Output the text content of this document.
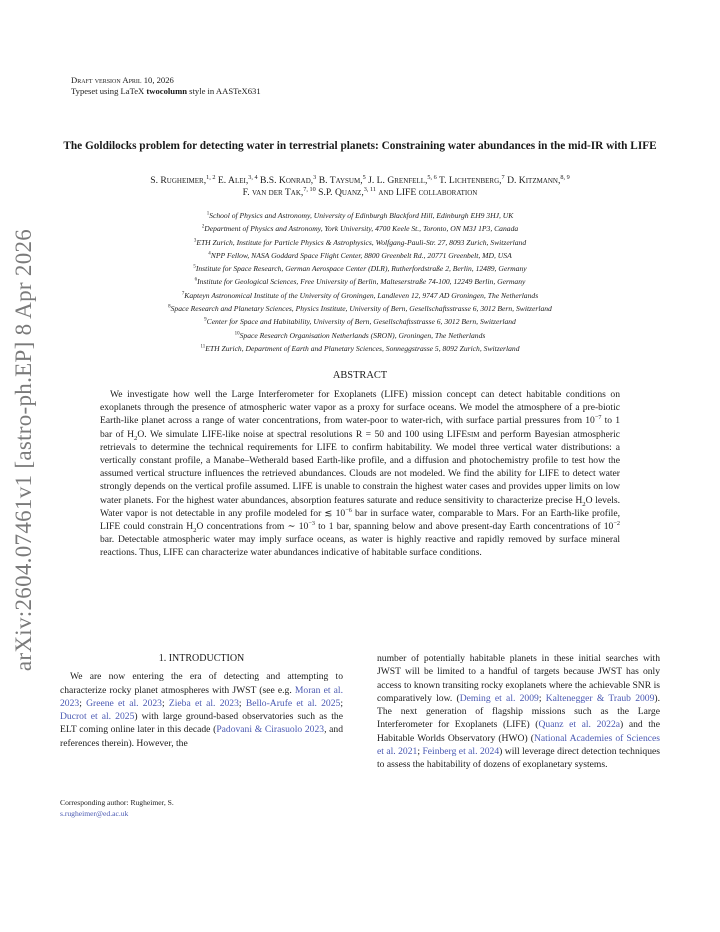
arXiv:2604.07461v1 [astro-ph.EP] 8 Apr 2026
Draft version April 10, 2026
Typeset using LaTeX twocolumn style in AASTeX631
The Goldilocks problem for detecting water in terrestrial planets: Constraining water abundances in the mid-IR with LIFE
S. Rugheimer,$^{1, 2}$ E. Alei,$^{3, 4}$ B.S. Konrad,$^3$ B. Taysum,$^5$ J. L. Grenfell,$^{5, 6}$ T. Lichtenberg,$^7$ D. Kitzmann,$^{8, 9}$
F. van der Tak,$^{7, 10}$ S.P. Quanz,$^{3, 11}$ and LIFE collaboration
$^1$School of Physics and Astronomy, University of Edinburgh Blackford Hill, Edinburgh EH9 3HJ, UK
$^2$Department of Physics and Astronomy, York University, 4700 Keele St., Toronto, ON M3J 1P3, Canada
$^3$ETH Zurich, Institute for Particle Physics & Astrophysics, Wolfgang-Pauli-Str. 27, 8093 Zurich, Switzerland
$^4$NPP Fellow, NASA Goddard Space Flight Center, 8800 Greenbelt Rd., 20771 Greenbelt, MD, USA
$^5$Institute for Space Research, German Aerospace Center (DLR), Rutherfordstraße 2, Berlin, 12489, Germany
$^6$Institute for Geological Sciences, Free University of Berlin, Malteserstraße 74-100, 12249 Berlin, Germany
$^7$Kapteyn Astronomical Institute of the University of Groningen, Landleven 12, 9747 AD Groningen, The Netherlands
$^8$Space Research and Planetary Sciences, Physics Institute, University of Bern, Gesellschaftsstrasse 6, 3012 Bern, Switzerland
$^9$Center for Space and Habitability, University of Bern, Gesellschaftsstrasse 6, 3012 Bern, Switzerland
$^{10}$Space Research Organisation Netherlands (SRON), Groningen, The Netherlands
$^{11}$ETH Zurich, Department of Earth and Planetary Sciences, Sonneggstrasse 5, 8092 Zurich, Switzerland
ABSTRACT

We investigate how well the Large Interferometer for Exoplanets (LIFE) mission concept can detect habitable conditions on exoplanets through the presence of atmospheric water vapor as a proxy for surface oceans. We model the atmosphere of a pre-biotic Earth-like planet across a range of water concentrations, from water-poor to water-rich, with surface partial pressures from $10^{-7}$ to 1 bar of $H_2O$. We simulate LIFE-like noise at spectral resolutions R = 50 and 100 using LIFEsim and perform Bayesian atmospheric retrievals to determine the technical requirements for LIFE to confirm habitability. We model three vertical water distributions: a vertically constant profile, a Manabe–Wetherald based Earth-like profile, and a diffusion and photochemistry profile to test how the assumed vertical structure influences the retrieved abundances. Clouds are not modeled. We find the ability for LIFE to detect water strongly depends on the vertical profile assumed. LIFE is unable to constrain the highest water cases and provides upper limits on low water planets. For the highest water abundances, absorption features saturate and reduce sensitivity to characterize precise $H_2O$ levels. Water vapor is not detectable in any profile modeled for ≲ $10^{-6}$ bar in surface water, comparable to Mars. For an Earth-like profile, LIFE could constrain $H_2O$ concentrations from ∼ $10^{-3}$ to 1 bar, spanning below and above present-day Earth concentrations of $10^{-2}$ bar. Detectable atmospheric water may imply surface oceans, as water is highly reactive and rapidly removed by surface mineral reactions. Thus, LIFE can characterize water abundances indicative of habitable surface conditions.

1. INTRODUCTION

We are now entering the era of detecting and attempting to characterize rocky planet atmospheres with JWST (see e.g. Moran et al. 2023; Greene et al. 2023; Zieba et al. 2023; Bello-Arufe et al. 2025; Ducrot et al. 2025) with large ground-based observatories such as the ELT coming online later in this decade (Padovani & Cirasuolo 2023, and references therein). However, the

number of potentially habitable planets in these initial searches with JWST will be limited to a handful of targets because JWST has only access to known transiting rocky exoplanets where the achievable SNR is comparatively low. (Deming et al. 2009; Kaltenegger & Traub 2009). The next generation of flagship missions such as the Large Interferometer for Exoplanets (LIFE) (Quanz et al. 2022a) and the Habitable Worlds Observatory (HWO) (National Academies of Sciences et al. 2021; Feinberg et al. 2024) will leverage direct detection techniques to assess the habitability of dozens of exoplanetary systems.

Corresponding author: Rugheimer, S.
s.rugheimer@ed.ac.uk
